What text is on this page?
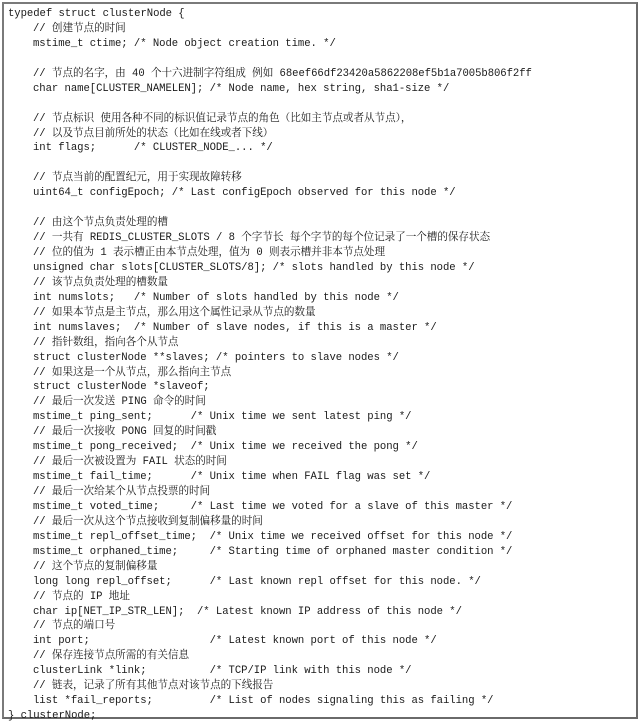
typedef struct clusterNode {
// 创建节点的时间
mstime_t ctime; /* Node object creation time. */
// 节点的名字，由 40 个十六进制字符组成 例如 68eef66df23420a5862208ef5b1a7005b806f2ff
char name[CLUSTER_NAMELEN]; /* Node name, hex string, sha1-size */
// 节点标识 使用各种不同的标识值记录节点的角色（比如主节点或者从节点），
// 以及节点目前所处的状态（比如在线或者下线）
int flags;      /* CLUSTER_NODE_... */
// 节点当前的配置纪元，用于实现故障转移
uint64_t configEpoch; /* Last configEpoch observed for this node */
// 由这个节点负责处理的槽
// 一共有 REDIS_CLUSTER_SLOTS / 8 个字节长 每个字节的每个位记录了一个槽的保存状态
// 位的值为 1 表示槽正由本节点处理，值为 0 则表示槽并非本节点处理
unsigned char slots[CLUSTER_SLOTS/8]; /* slots handled by this node */
// 该节点负责处理的槽数量
int numslots;   /* Number of slots handled by this node */
// 如果本节点是主节点，那么用这个属性记录从节点的数量
int numslaves;  /* Number of slave nodes, if this is a master */
// 指针数组，指向各个从节点
struct clusterNode **slaves; /* pointers to slave nodes */
// 如果这是一个从节点，那么指向主节点
struct clusterNode *slaveof;
// 最后一次发送 PING 命令的时间
mstime_t ping_sent;      /* Unix time we sent latest ping */
// 最后一次接收 PONG 回复的时间戳
mstime_t pong_received;  /* Unix time we received the pong */
// 最后一次被设置为 FAIL 状态的时间
mstime_t fail_time;      /* Unix time when FAIL flag was set */
// 最后一次给某个从节点投票的时间
mstime_t voted_time;     /* Last time we voted for a slave of this master */
// 最后一次从这个节点接收到复制偏移量的时间
mstime_t repl_offset_time;  /* Unix time we received offset for this node */
mstime_t orphaned_time;     /* Starting time of orphaned master condition */
// 这个节点的复制偏移量
long long repl_offset;      /* Last known repl offset for this node. */
// 节点的 IP 地址
char ip[NET_IP_STR_LEN];  /* Latest known IP address of this node */
// 节点的端口号
int port;                   /* Latest known port of this node */
// 保存连接节点所需的有关信息
clusterLink *link;          /* TCP/IP link with this node */
// 链表，记录了所有其他节点对该节点的下线报告
list *fail_reports;         /* List of nodes signaling this as failing */
} clusterNode;
